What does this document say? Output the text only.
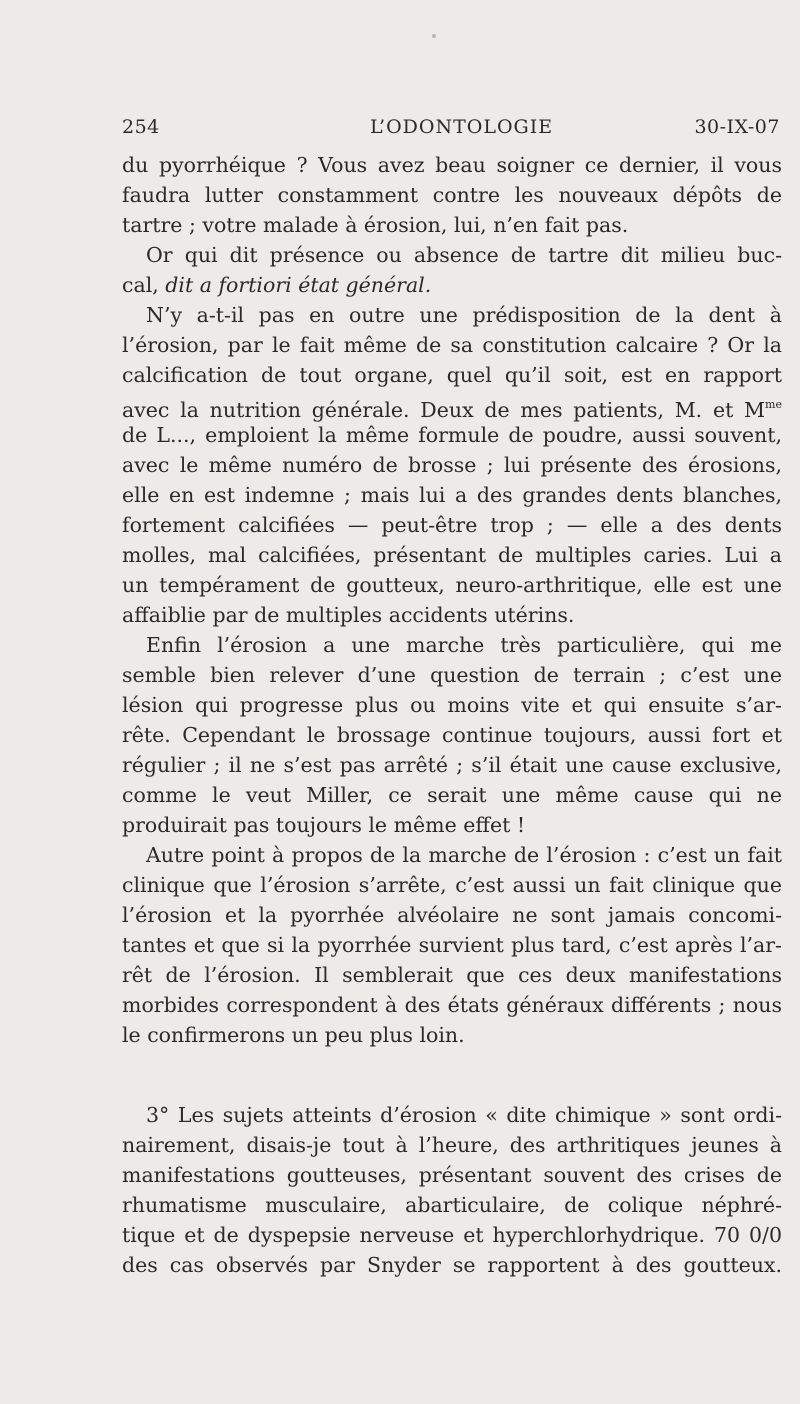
254	L’ODONTOLOGIE	30-IX-07
du pyorrhéique ? Vous avez beau soigner ce dernier, il vous
faudra lutter constamment contre les nouveaux dépôts de
tartre ; votre malade à érosion, lui, n’en fait pas.
Or qui dit présence ou absence de tartre dit milieu buc-
cal, dit a fortiori état général.
N’y a-t-il pas en outre une prédisposition de la dent à
l’érosion, par le fait même de sa constitution calcaire ? Or la
calcification de tout organe, quel qu’il soit, est en rapport
avec la nutrition générale. Deux de mes patients, M. et $M^{me}$
de L..., emploient la même formule de poudre, aussi souvent,
avec le même numéro de brosse ; lui présente des érosions,
elle en est indemne ; mais lui a des grandes dents blanches,
fortement calcifiées — peut-être trop ; — elle a des dents
molles, mal calcifiées, présentant de multiples caries. Lui a
un tempérament de goutteux, neuro-arthritique, elle est une
affaiblie par de multiples accidents utérins.
Enfin l’érosion a une marche très particulière, qui me
semble bien relever d’une question de terrain ; c’est une
lésion qui progresse plus ou moins vite et qui ensuite s’ar-
rête. Cependant le brossage continue toujours, aussi fort et
régulier ; il ne s’est pas arrêté ; s’il était une cause exclusive,
comme le veut Miller, ce serait une même cause qui ne
produirait pas toujours le même effet !
Autre point à propos de la marche de l’érosion : c’est un fait
clinique que l’érosion s’arrête, c’est aussi un fait clinique que
l’érosion et la pyorrhée alvéolaire ne sont jamais concomi-
tantes et que si la pyorrhée survient plus tard, c’est après l’ar-
rêt de l’érosion. Il semblerait que ces deux manifestations
morbides correspondent à des états généraux différents ; nous
le confirmerons un peu plus loin.
3° Les sujets atteints d’érosion « dite chimique » sont ordi-
nairement, disais-je tout à l’heure, des arthritiques jeunes à
manifestations goutteuses, présentant souvent des crises de
rhumatisme musculaire, abarticulaire, de colique néphré-
tique et de dyspepsie nerveuse et hyperchlorhydrique. 70 0/0
des cas observés par Snyder se rapportent à des goutteux.
